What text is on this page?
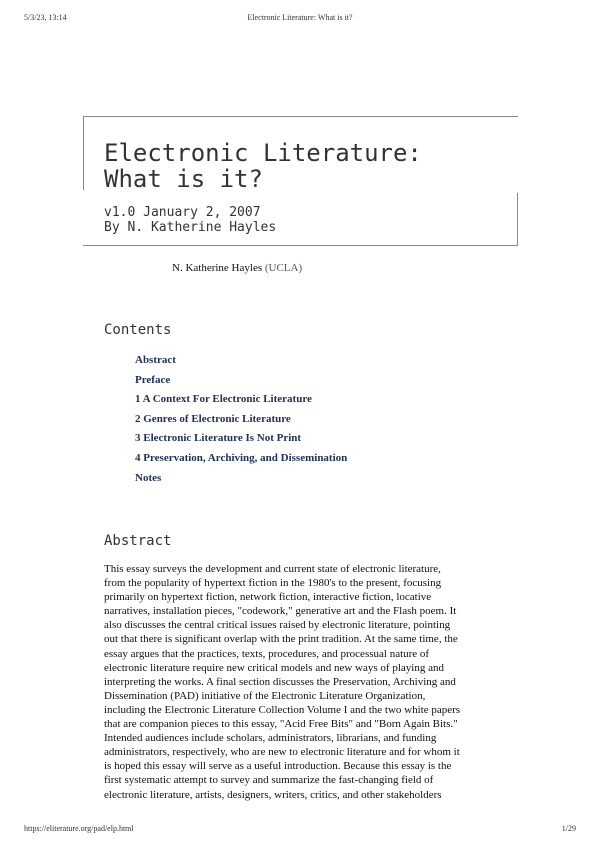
5/3/23, 13:14	Electronic Literature: What is it?
Electronic Literature:
What is it?
v1.0 January 2, 2007
By N. Katherine Hayles
N. Katherine Hayles (UCLA)
Contents
Abstract
Preface
1 A Context For Electronic Literature
2 Genres of Electronic Literature
3 Electronic Literature Is Not Print
4 Preservation, Archiving, and Dissemination
Notes
Abstract
This essay surveys the development and current state of electronic literature,
from the popularity of hypertext fiction in the 1980's to the present, focusing
primarily on hypertext fiction, network fiction, interactive fiction, locative
narratives, installation pieces, "codework," generative art and the Flash poem. It
also discusses the central critical issues raised by electronic literature, pointing
out that there is significant overlap with the print tradition. At the same time, the
essay argues that the practices, texts, procedures, and processual nature of
electronic literature require new critical models and new ways of playing and
interpreting the works. A final section discusses the Preservation, Archiving and
Dissemination (PAD) initiative of the Electronic Literature Organization,
including the Electronic Literature Collection Volume I and the two white papers
that are companion pieces to this essay, "Acid Free Bits" and "Born Again Bits."
Intended audiences include scholars, administrators, librarians, and funding
administrators, respectively, who are new to electronic literature and for whom it
is hoped this essay will serve as a useful introduction. Because this essay is the
first systematic attempt to survey and summarize the fast-changing field of
electronic literature, artists, designers, writers, critics, and other stakeholders
https://eliterature.org/pad/elp.html	1/29
